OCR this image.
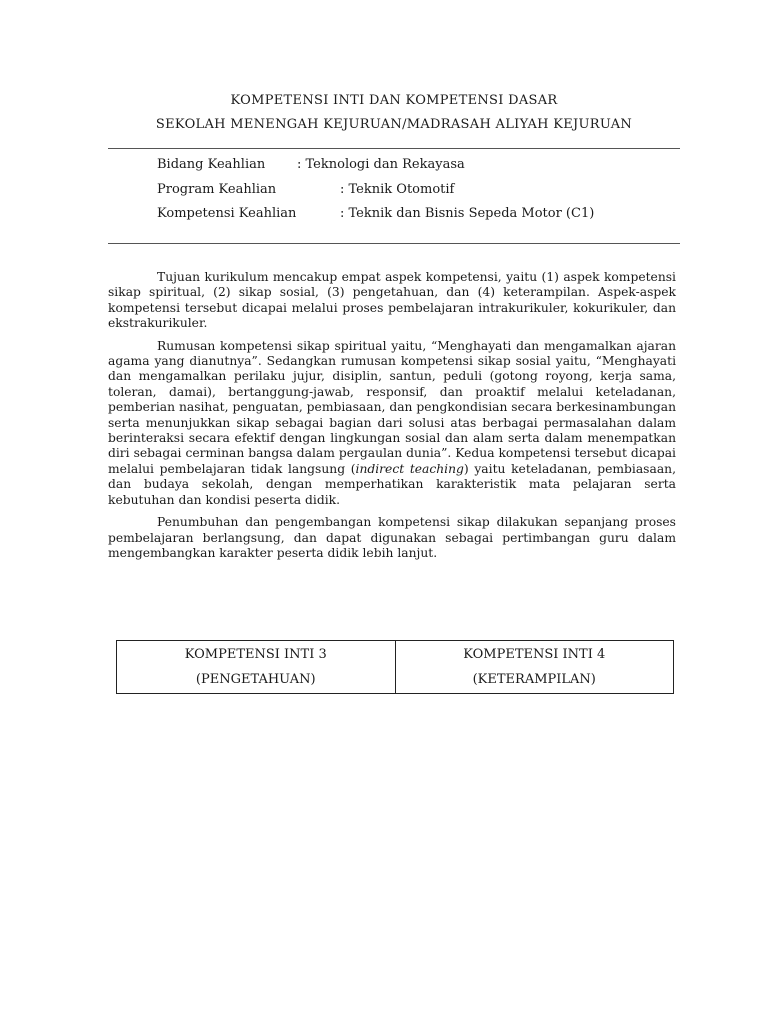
KOMPETENSI INTI DAN KOMPETENSI DASAR
SEKOLAH MENENGAH KEJURUAN/MADRASAH ALIYAH KEJURUAN
Bidang Keahlian : Teknologi dan Rekayasa
Program Keahlian	: Teknik Otomotif
Kompetensi Keahlian	: Teknik dan Bisnis Sepeda Motor (C1)

Tujuan kurikulum mencakup empat aspek kompetensi, yaitu (1) aspek kompetensi sikap spiritual, (2) sikap sosial, (3) pengetahuan, dan (4) keterampilan. Aspek-aspek kompetensi tersebut dicapai melalui proses pembelajaran intrakurikuler, kokurikuler, dan ekstrakurikuler.

Rumusan kompetensi sikap spiritual yaitu, “Menghayati dan mengamalkan ajaran agama yang dianutnya”. Sedangkan rumusan kompetensi sikap sosial yaitu, “Menghayati dan mengamalkan perilaku jujur, disiplin, santun, peduli (gotong royong, kerja sama, toleran, damai), bertanggung-jawab, responsif, dan proaktif melalui keteladanan, pemberian nasihat, penguatan, pembiasaan, dan pengkondisian secara berkesinambungan serta menunjukkan sikap sebagai bagian dari solusi atas berbagai permasalahan dalam berinteraksi secara efektif dengan lingkungan sosial dan alam serta dalam menempatkan diri sebagai cerminan bangsa dalam pergaulan dunia”. Kedua kompetensi tersebut dicapai melalui pembelajaran tidak langsung (indirect teaching) yaitu keteladanan, pembiasaan, dan budaya sekolah, dengan memperhatikan karakteristik mata pelajaran serta kebutuhan dan kondisi peserta didik.

Penumbuhan dan pengembangan kompetensi sikap dilakukan sepanjang proses pembelajaran berlangsung, dan dapat digunakan sebagai pertimbangan guru dalam mengembangkan karakter peserta didik lebih lanjut.

KOMPETENSI INTI 3
(PENGETAHUAN)

KOMPETENSI INTI 4
(KETERAMPILAN)
